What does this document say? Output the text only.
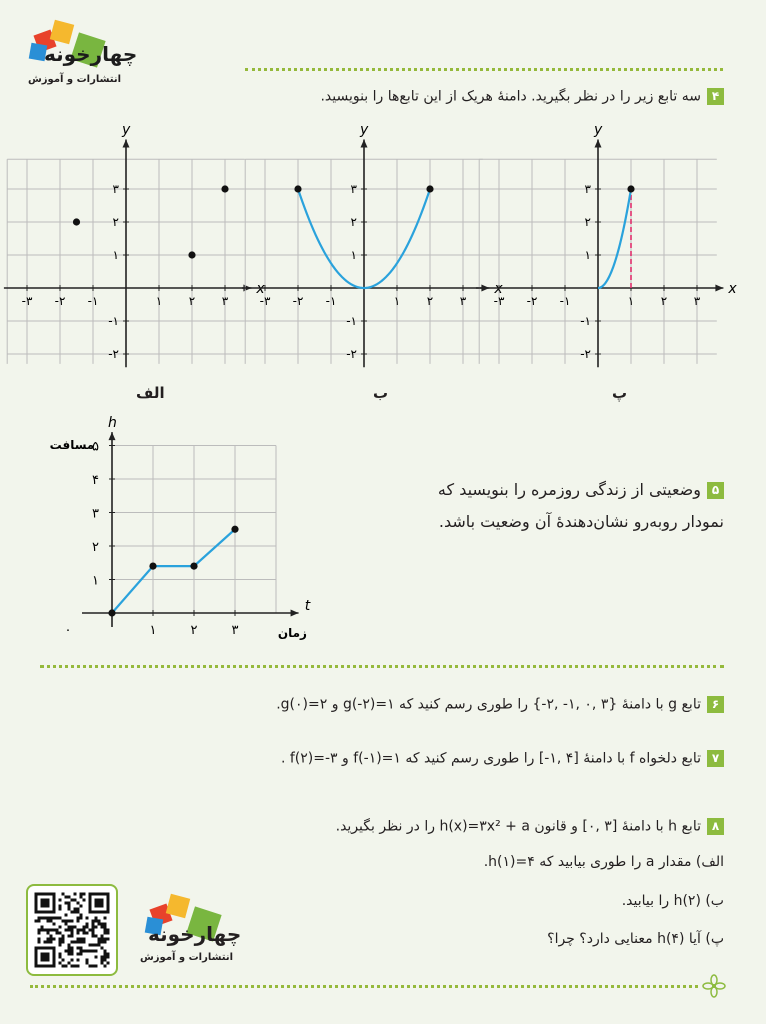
چهارخونه
انتشارات و آموزش
۴سه تابع زیر را در نظر بگیرید. دامنهٔ هریک از این تابع‌ها را بنویسید.
x
y
-۳ -۲ -۱	۱ ۲ ۳
-۲
-۱
۱
۲
۳
x
y
-۳ -۲ -۱	۱ ۲ ۳
-۲
-۱
۱
۲
۳
x
y
-۳ -۲ -۱	۱ ۲ ۳
-۲
-۱
۱
۲
۳
الف	ب	پ
t
h
زمان
مسافت
۰	۱	۲	۳
۱
۲
۳
۴
۵
۵وضعیتی از زندگی روزمره را بنویسید که
نمودار روبه‌رو نشان‌دهندهٔ آن وضعیت باشد.
۶تابع g با دامنهٔ {۳ ,۰ ,۱- ,۲-} را طوری رسم کنید که ۱=(۲-)g و ۲=(۰)g.
۷تابع دلخواه f با دامنهٔ [۴ ,۱-] را طوری رسم کنید که ۱=(۱-)f و ۳-=(۲)f .
۸تابع h با دامنهٔ [۳ ,۰] و قانون h(x)=۳x² + a را در نظر بگیرید.
الف) مقدار a را طوری بیابید که ۴=(۱)h.
ب) (۲)h را بیابید.
پ) آیا (۴)h معنایی دارد؟ چرا؟
چهارخونه
انتشارات و آموزش
